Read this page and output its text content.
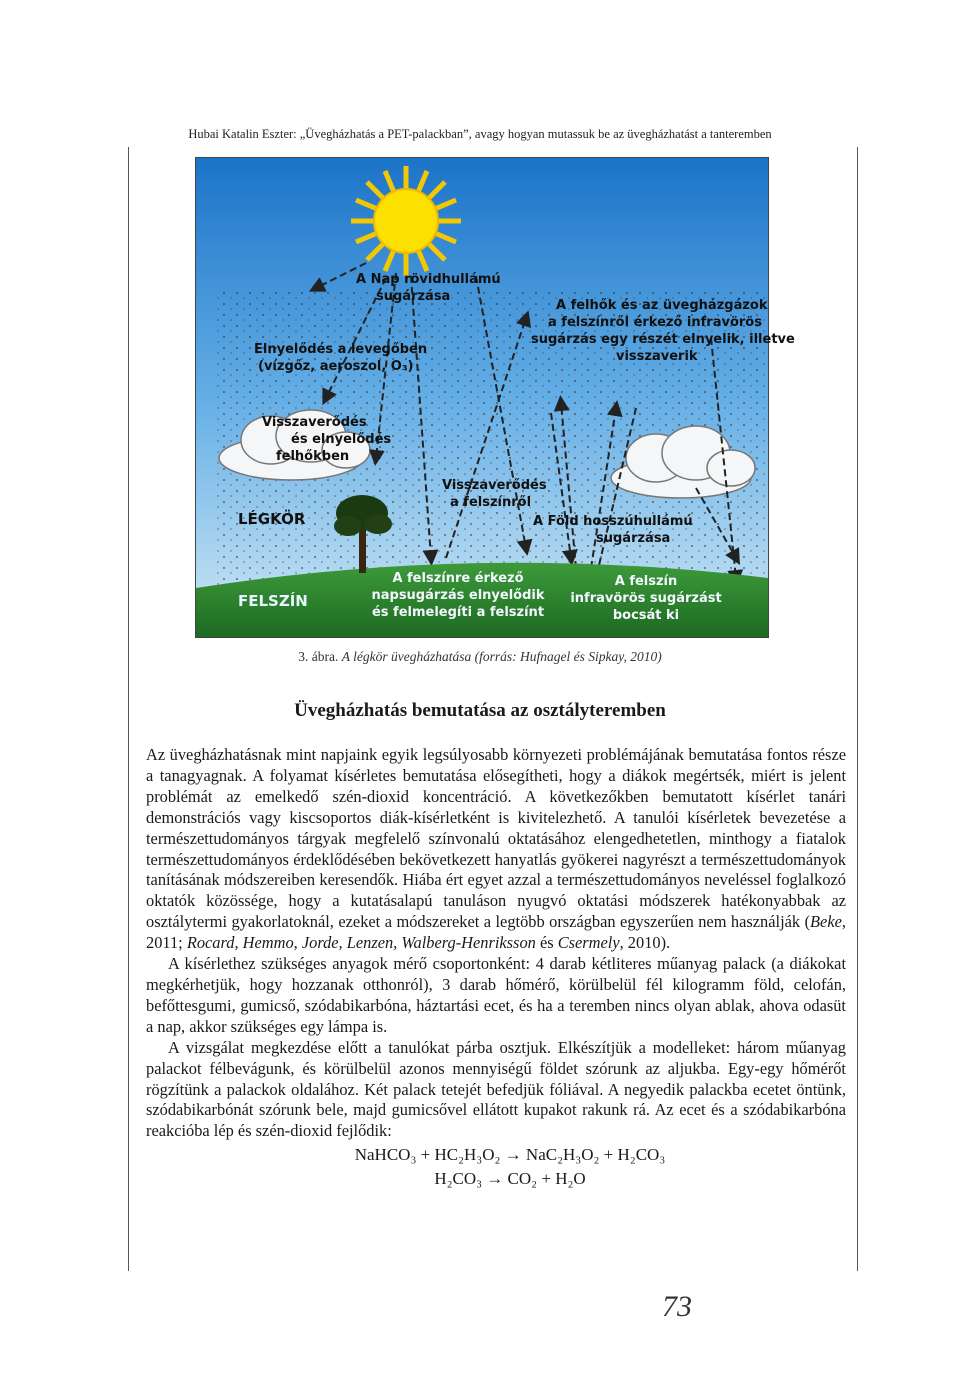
Hubai Katalin Eszter: „Üvegházhatás a PET-palackban”, avagy hogyan mutassuk be az üvegházhatást a tanteremben
A Nap rövidhullámú
sugárzása
A felhők és az üvegházgázok
a felszínről érkező infravörös
sugárzás egy részét elnyelik, illetve
visszaverik
Elnyelődés a levegőben
(vízgőz, aeroszol, O₃)
Visszaverődés
és elnyelődés
felhőkben
Visszaverődés
a felszínről
LÉGKÖR	A Föld hosszúhullámú
sugárzása
FELSZÍN
A felszínre érkező
napsugárzás elnyelődik
és felmelegíti a felszínt
A felszín
infravörös sugárzást
bocsát ki
3. ábra. A légkör üvegházhatása (forrás: Hufnagel és Sipkay, 2010)
Üvegházhatás bemutatása az osztályteremben

Az üvegházhatásnak mint napjaink egyik legsúlyosabb környezeti problémájának bemutatása fontos része a tanagyagnak. A folyamat kísérletes bemutatása elősegítheti, hogy a diákok megértsék, miért is jelent problémát az emelkedő szén-dioxid koncentráció. A következőkben bemutatott kísérlet tanári demonstrációs vagy kiscsoportos diák-kísérletként is kivitelezhető. A tanulói kísérletek bevezetése a természettudományos tárgyak megfelelő színvonalú oktatásához elengedhetetlen, minthogy a fiatalok természettudományos érdeklődésében bekövetkezett hanyatlás gyökerei nagyrészt a természettudományok tanításának módszereiben keresendők. Hiába ért egyet azzal a természettudományos neveléssel foglalkozó oktatók közössége, hogy a kutatásalapú tanuláson nyugvó oktatási módszerek hatékonyabbak az osztálytermi gyakorlatoknál, ezeket a módszereket a legtöbb országban egyszerűen nem használják (Beke, 2011; Rocard, Hemmo, Jorde, Lenzen, Walberg-Henriksson és Csermely, 2010).

A kísérlethez szükséges anyagok mérő csoportonként: 4 darab kétliteres műanyag palack (a diákokat megkérhetjük, hogy hozzanak otthonról), 3 darab hőmérő, körülbelül fél kilogramm föld, celofán, befőttesgumi, gumicső, szódabikarbóna, háztartási ecet, és ha a teremben nincs olyan ablak, ahova odasüt a nap, akkor szükséges egy lámpa is.

A vizsgálat megkezdése előtt a tanulókat párba osztjuk. Elkészítjük a modelleket: három műanyag palackot félbevágunk, és körülbelül azonos mennyiségű földet szórunk az aljukba. Egy-egy hőmérőt rögzítünk a palackok oldalához. Két palack tetejét befedjük fóliával. A negyedik palackba ecetet öntünk, szódabikarbónát szórunk bele, majd gumicsővel ellátott kupakot rakunk rá. Az ecet és a szódabikarbóna reakcióba lép és szén-dioxid fejlődik:

NaHCO₃ + HC₂H₃O₂ → NaC₂H₃O₂ + H₂CO₃
H₂CO₃ → CO₂ + H₂O
73
